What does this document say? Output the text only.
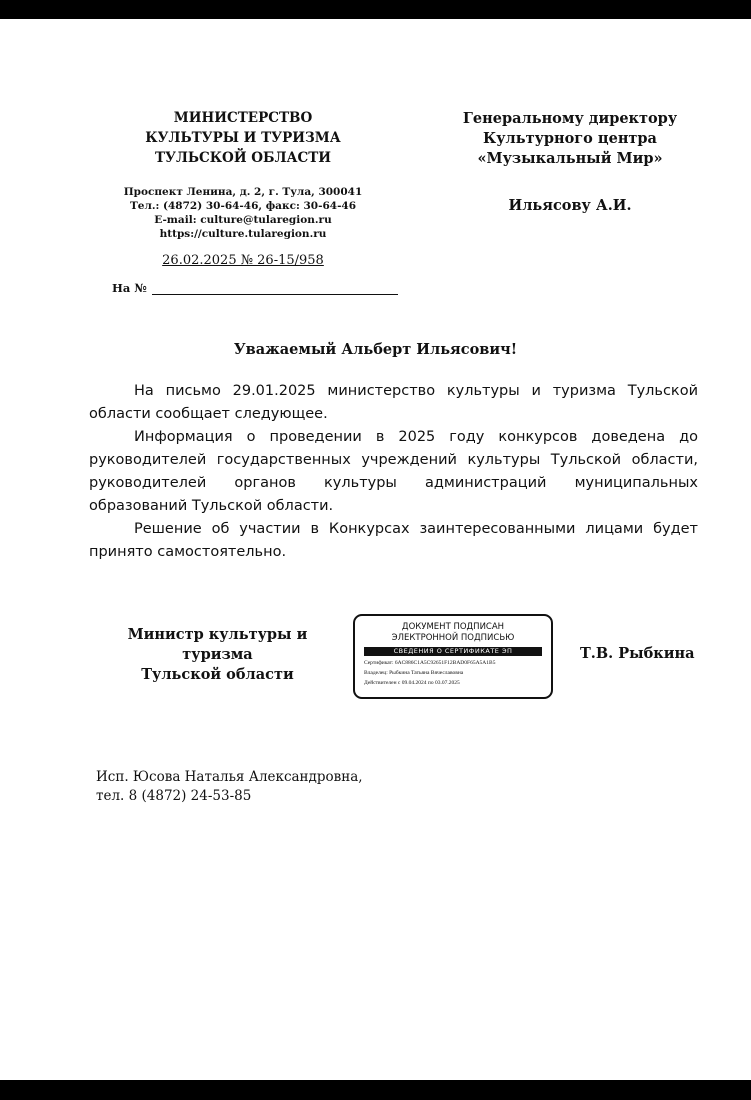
МИНИСТЕРСТВО
КУЛЬТУРЫ И ТУРИЗМА
ТУЛЬСКОЙ ОБЛАСТИ
Проспект Ленина, д. 2, г. Тула, 300041
Тел.: (4872) 30-64-46, факс: 30-64-46
E-mail: culture@tularegion.ru
https://culture.tularegion.ru
26.02.2025 № 26-15/958
На №
Генеральному директору
Культурного центра
«Музыкальный Мир»
Ильясову А.И.
Уважаемый Альберт Ильясович!

На письмо 29.01.2025 министерство культуры и туризма Тульской области сообщает следующее.

Информация о проведении в 2025 году конкурсов доведена до руководителей государственных учреждений культуры Тульской области, руководителей органов культуры администраций муниципальных образований Тульской области.

Решение об участии в Конкурсах заинтересованными лицами будет принято самостоятельно.

Министр культуры и туризма
Тульской области
ДОКУМЕНТ ПОДПИСАН
ЭЛЕКТРОННОЙ ПОДПИСЬЮ
СВЕДЕНИЯ О СЕРТИФИКАТЕ ЭП
Сертификат: 6AC886C1A5C92651F12BAD0F65A5A1B5
Владелец: Рыбкина Татьяна Вячеславовна
Действителен с 09.04.2024 по 03.07.2025
Т.В. Рыбкина
Исп. Юсова Наталья Александровна,
тел. 8 (4872) 24-53-85
